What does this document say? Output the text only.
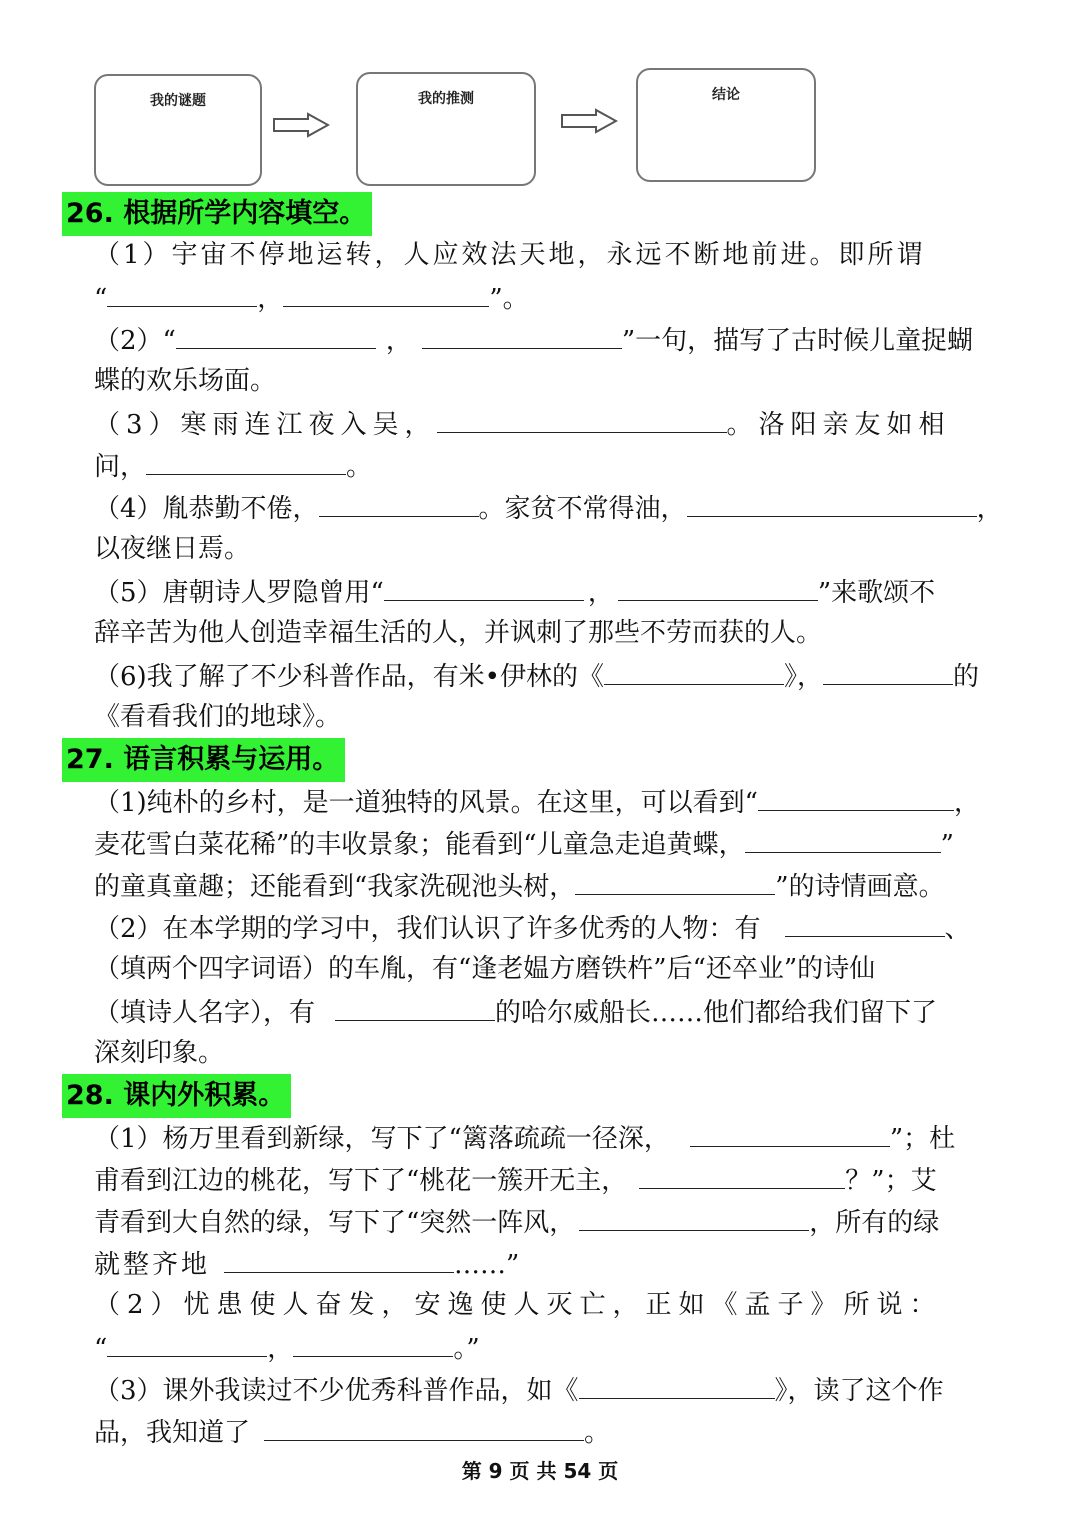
我的谜题	我的推测	结论
26. 根据所学内容填空。
（1）宇宙不停地运转，人应效法天地，永远不断地前进。即所谓
“	，	”。
（2）“	，	”一句，描写了古时候儿童捉蝴
蝶的欢乐场面。
（3）寒雨连江夜入吴，	。洛阳亲友如相
问，	。
（4）胤恭勤不倦，	。家贫不常得油，	，
以夜继日焉。
（5）唐朝诗人罗隐曾用“	，	”来歌颂不
辞辛苦为他人创造幸福生活的人，并讽刺了那些不劳而获的人。
（6)我了解了不少科普作品，有米•伊林的《	》，	的
《看看我们的地球》。
27. 语言积累与运用。
（1)纯朴的乡村，是一道独特的风景。在这里，可以看到“	，
麦花雪白菜花稀”的丰收景象；能看到“儿童急走追黄蝶，	”
的童真童趣；还能看到“我家洗砚池头树，	”的诗情画意。
（2）在本学期的学习中，我们认识了许多优秀的人物：有	、
（填两个四字词语）的车胤，有“逢老媪方磨铁杵”后“还卒业”的诗仙
（填诗人名字），有	的哈尔威船长……他们都给我们留下了
深刻印象。
28. 课内外积累。
（1）杨万里看到新绿，写下了“篱落疏疏一径深，	”；杜
甫看到江边的桃花，写下了“桃花一簇开无主，	？”；艾
青看到大自然的绿，写下了“突然一阵风，	，所有的绿
就整齐地	……”
（2）忧患使人奋发，安逸使人灭亡，正如《孟子》所说：
“	，	。”
（3）课外我读过不少优秀科普作品，如《	》，读了这个作
品，我知道了	。
第 9 页 共 54 页
